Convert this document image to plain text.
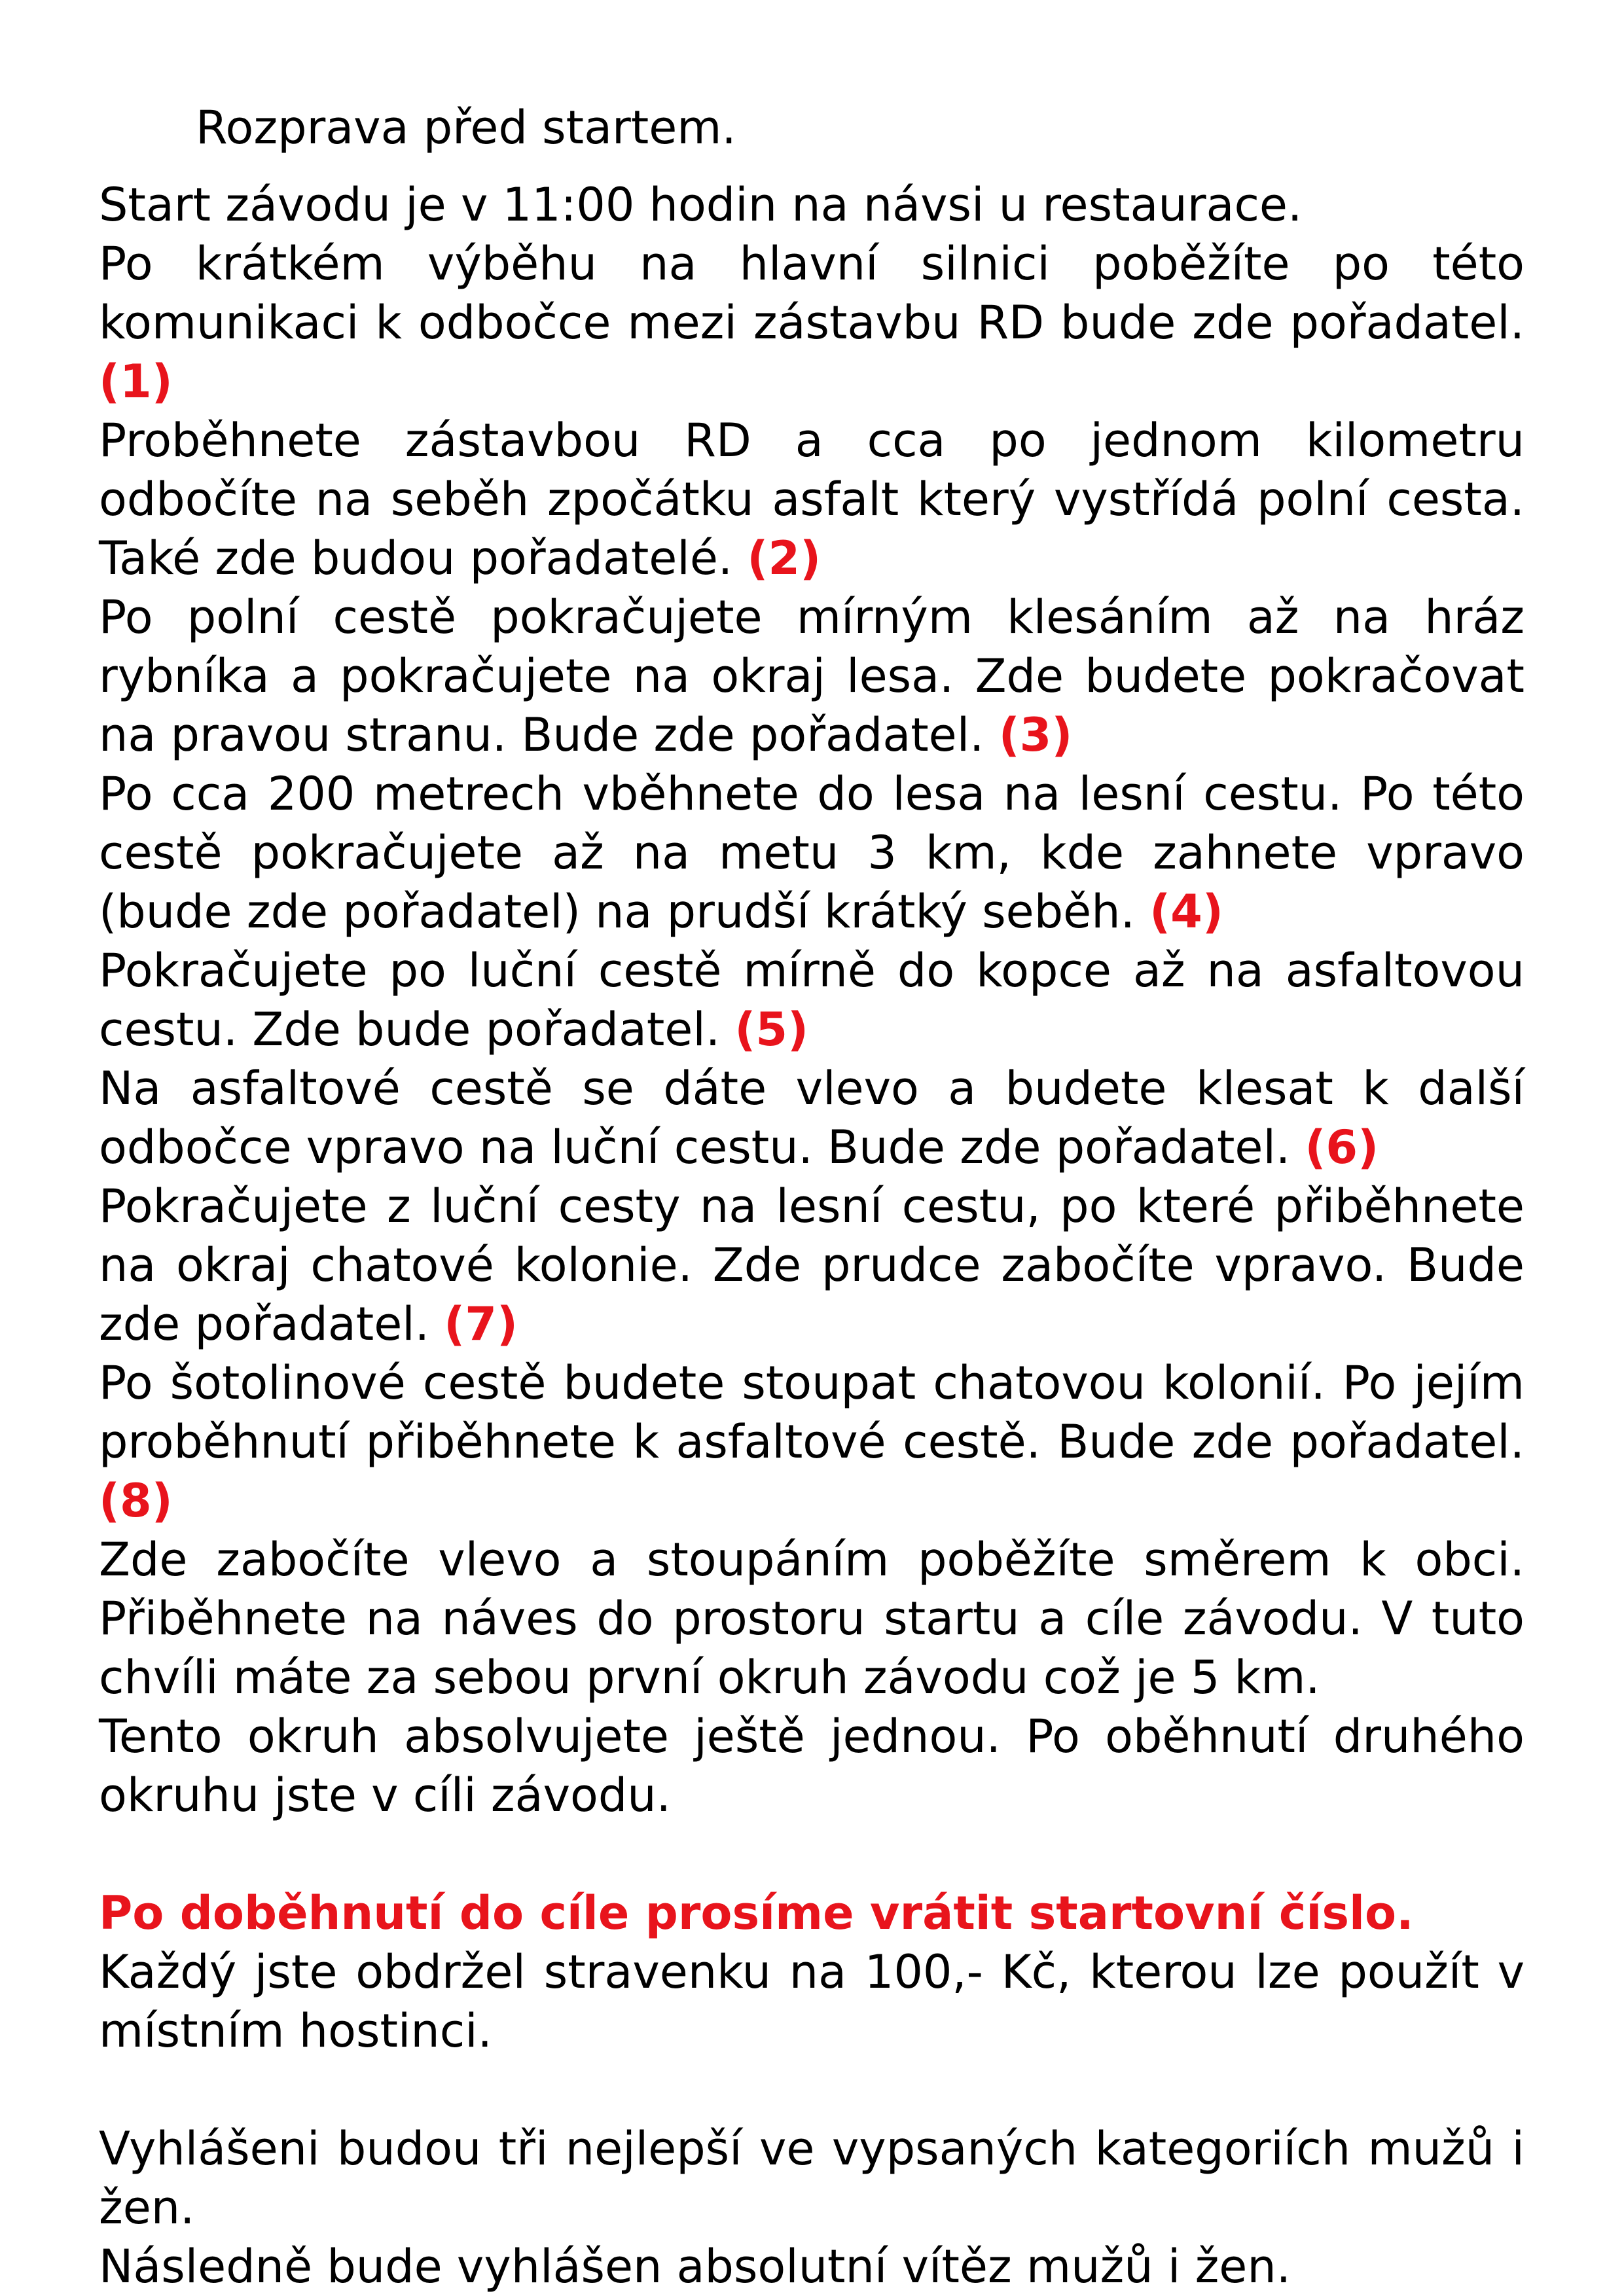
Rozprava před startem.

Start závodu je v 11:00 hodin na návsi u restaurace.

Po krátkém výběhu na hlavní silnici poběžíte po této komunikaci k odbočce mezi zástavbu RD bude zde pořadatel. (1)

Proběhnete zástavbou RD a cca po jednom kilometru odbočíte na seběh zpočátku asfalt který vystřídá polní cesta. Také zde budou pořadatelé. (2)

Po polní cestě pokračujete mírným klesáním až na hráz rybníka a pokračujete na okraj lesa. Zde budete pokračovat na pravou stranu. Bude zde pořadatel. (3)

Po cca 200 metrech vběhnete do lesa na lesní cestu. Po této cestě pokračujete až na metu 3 km, kde zahnete vpravo (bude zde pořadatel) na prudší krátký seběh. (4)

Pokračujete po luční cestě mírně do kopce až na asfaltovou cestu. Zde bude pořadatel. (5)

Na asfaltové cestě se dáte vlevo a budete klesat k další odbočce vpravo na luční cestu. Bude zde pořadatel. (6)

Pokračujete z luční cesty na lesní cestu, po které přiběhnete na okraj chatové kolonie. Zde prudce zabočíte vpravo. Bude zde pořadatel. (7)

Po šotolinové cestě budete stoupat chatovou kolonií. Po jejím proběhnutí přiběhnete k asfaltové cestě. Bude zde pořadatel. (8)

Zde zabočíte vlevo a stoupáním poběžíte směrem k obci. Přiběhnete na náves do prostoru startu a cíle závodu. V tuto chvíli máte za sebou první okruh závodu což je 5 km.

Tento okruh absolvujete ještě jednou. Po oběhnutí druhého okruhu jste v cíli závodu.

Po doběhnutí do cíle prosíme vrátit startovní číslo.

Každý jste obdržel stravenku na 100,- Kč, kterou lze použít v místním hostinci.

Vyhlášeni budou tři nejlepší ve vypsaných kategoriích mužů i žen.

Následně bude vyhlášen absolutní vítěz mužů i žen.
